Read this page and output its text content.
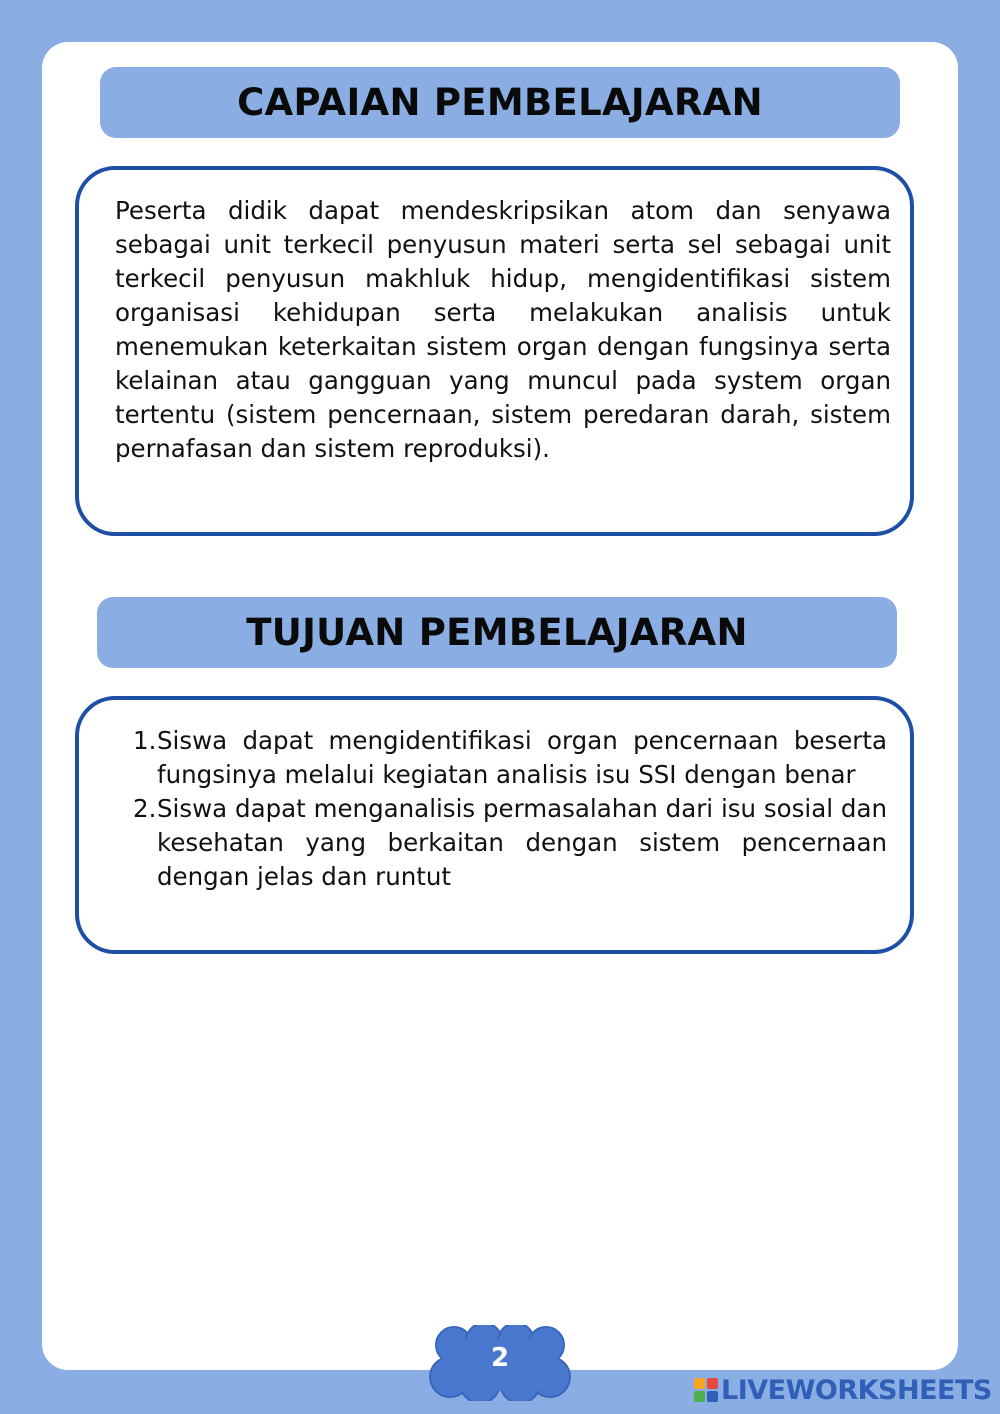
CAPAIAN PEMBELAJARAN

Peserta didik dapat mendeskripsikan atom dan senyawa sebagai unit terkecil penyusun materi serta sel sebagai unit terkecil penyusun makhluk hidup, mengidentifikasi sistem organisasi kehidupan serta melakukan analisis untuk menemukan keterkaitan sistem organ dengan fungsinya serta kelainan atau gangguan yang muncul pada system organ tertentu (sistem pencernaan, sistem peredaran darah, sistem pernafasan dan sistem reproduksi).

TUJUAN PEMBELAJARAN
1. Siswa dapat mengidentifikasi organ pencernaan beserta fungsinya melalui kegiatan analisis isu SSI dengan benar
2. Siswa dapat menganalisis permasalahan dari isu sosial dan kesehatan yang berkaitan dengan sistem pencernaan dengan jelas dan runtut
2
LIVEWORKSHEETS
